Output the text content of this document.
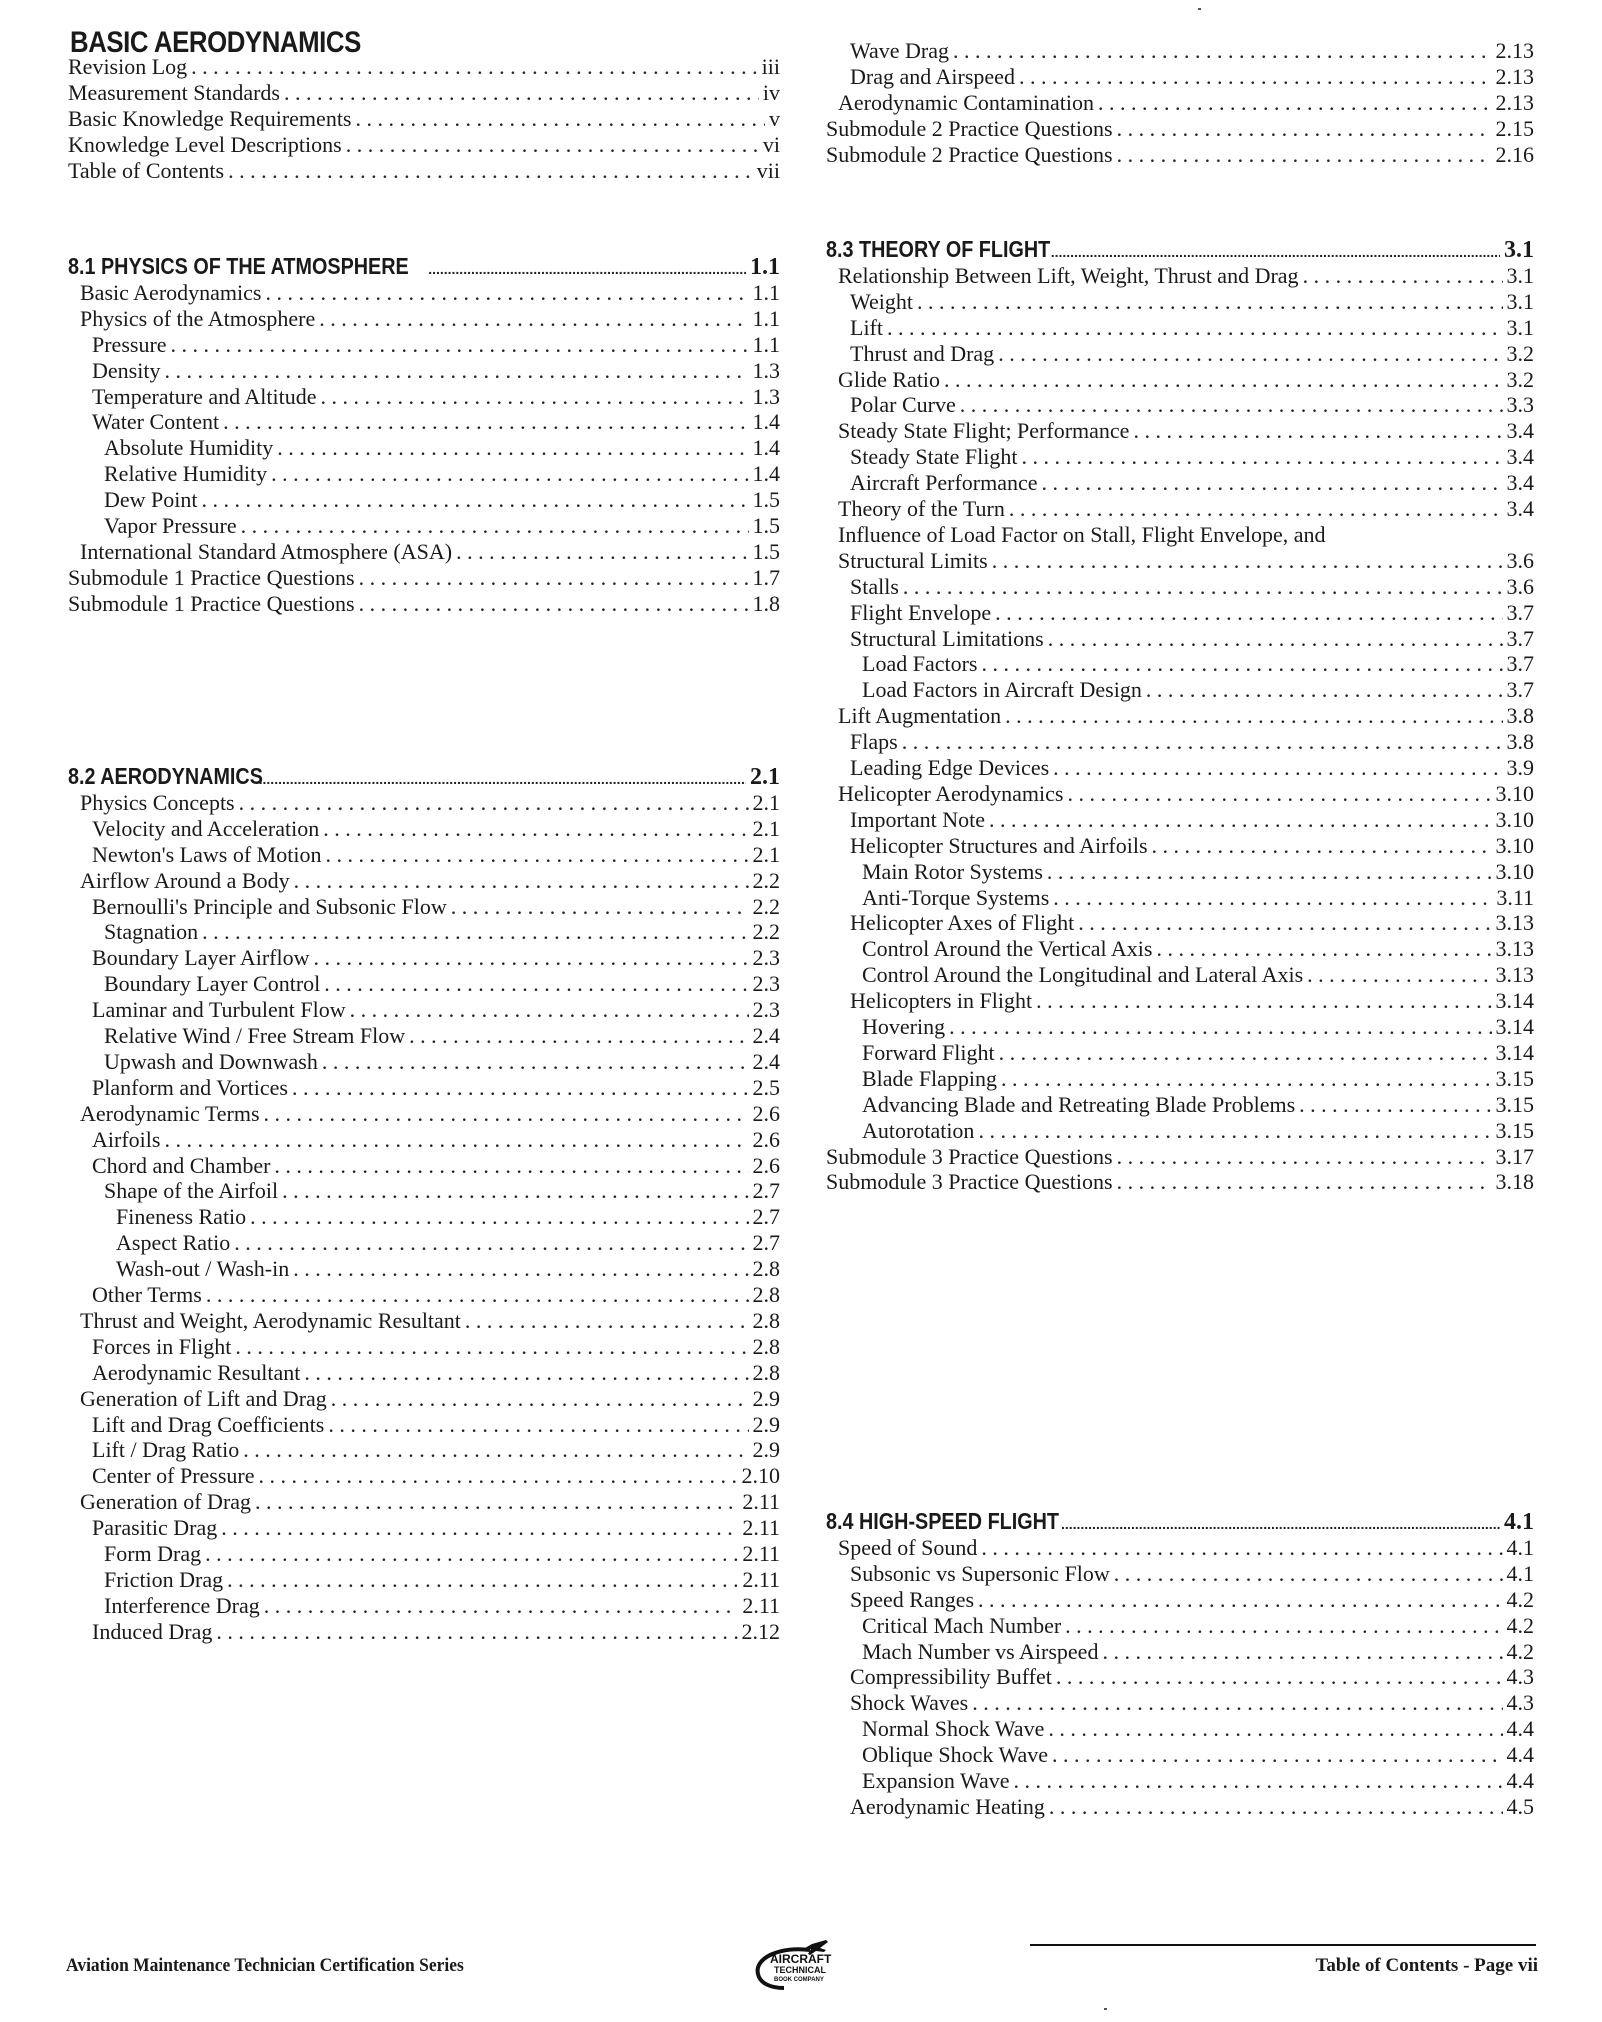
BASIC AERODYNAMICS
Revision Log . . .	iii
Measurement Standards . . .	iv
Basic Knowledge Requirements . . .	v
Knowledge Level Descriptions . . .	vi
Table of Contents . . .	vii
8.1 PHYSICS OF THE ATMOSPHERE .....	1.1
Basic Aerodynamics . . .	1.1
Physics of the Atmosphere . . .	1.1
Pressure . . .	1.1
Density . . .	1.3
Temperature and Altitude . . .	1.3
Water Content . . .	1.4
Absolute Humidity . . .	1.4
Relative Humidity . . .	1.4
Dew Point . . .	1.5
Vapor Pressure . . .	1.5
International Standard Atmosphere (ASA) . . .	1.5
Submodule 1 Practice Questions . . .	1.7
Submodule 1 Practice Questions . . .	1.8
8.2 AERODYNAMICS .....	2.1
Physics Concepts . . .	2.1
Velocity and Acceleration . . .	2.1
Newton's Laws of Motion . . .	2.1
Airflow Around a Body . . .	2.2
Bernoulli's Principle and Subsonic Flow . . .	2.2
Stagnation . . .	2.2
Boundary Layer Airflow . . .	2.3
Boundary Layer Control . . .	2.3
Laminar and Turbulent Flow . . .	2.3
Relative Wind / Free Stream Flow . . .	2.4
Upwash and Downwash . . .	2.4
Planform and Vortices . . .	2.5
Aerodynamic Terms . . .	2.6
Airfoils . . .	2.6
Chord and Chamber . . .	2.6
Shape of the Airfoil . . .	2.7
Fineness Ratio . . .	2.7
Aspect Ratio . . .	2.7
Wash-out / Wash-in . . .	2.8
Other Terms . . .	2.8
Thrust and Weight, Aerodynamic Resultant . . .	2.8
Forces in Flight . . .	2.8
Aerodynamic Resultant . . .	2.8
Generation of Lift and Drag . . .	2.9
Lift and Drag Coefficients . . .	2.9
Lift / Drag Ratio . . .	2.9
Center of Pressure . . .	2.10
Generation of Drag . . .	2.11
Parasitic Drag . . .	2.11
Form Drag . . .	2.11
Friction Drag . . .	2.11
Interference Drag . . .	2.11
Induced Drag . . .	2.12
Wave Drag . . .	2.13
Drag and Airspeed . . .	2.13
Aerodynamic Contamination . . .	2.13
Submodule 2 Practice Questions . . .	2.15
Submodule 2 Practice Questions . . .	2.16
8.3 THEORY OF FLIGHT .....	3.1
Relationship Between Lift, Weight, Thrust and Drag . . .	3.1
Weight . . .	3.1
Lift . . .	3.1
Thrust and Drag . . .	3.2
Glide Ratio . . .	3.2
Polar Curve . . .	3.3
Steady State Flight; Performance . . .	3.4
Steady State Flight . . .	3.4
Aircraft Performance . . .	3.4
Theory of the Turn . . .	3.4
Influence of Load Factor on Stall, Flight Envelope, and
Structural Limits . . .	3.6
Stalls . . .	3.6
Flight Envelope . . .	3.7
Structural Limitations . . .	3.7
Load Factors . . .	3.7
Load Factors in Aircraft Design . . .	3.7
Lift Augmentation . . .	3.8
Flaps . . .	3.8
Leading Edge Devices . . .	3.9
Helicopter Aerodynamics . . .	3.10
Important Note . . .	3.10
Helicopter Structures and Airfoils . . .	3.10
Main Rotor Systems . . .	3.10
Anti-Torque Systems . . .	3.11
Helicopter Axes of Flight . . .	3.13
Control Around the Vertical Axis . . .	3.13
Control Around the Longitudinal and Lateral Axis . . .	3.13
Helicopters in Flight . . .	3.14
Hovering . . .	3.14
Forward Flight . . .	3.14
Blade Flapping . . .	3.15
Advancing Blade and Retreating Blade Problems . . .	3.15
Autorotation . . .	3.15
Submodule 3 Practice Questions . . .	3.17
Submodule 3 Practice Questions . . .	3.18
8.4 HIGH-SPEED FLIGHT .....	4.1
Speed of Sound . . .	4.1
Subsonic vs Supersonic Flow . . .	4.1
Speed Ranges . . .	4.2
Critical Mach Number . . .	4.2
Mach Number vs Airspeed . . .	4.2
Compressibility Buffet . . .	4.3
Shock Waves . . .	4.3
Normal Shock Wave . . .	4.4
Oblique Shock Wave . . .	4.4
Expansion Wave . . .	4.4
Aerodynamic Heating . . .	4.5
Aviation Maintenance Technician Certification Series	AIRCRAFT
TECHNICAL
BOOK COMPANY
Table of Contents - Page vii
